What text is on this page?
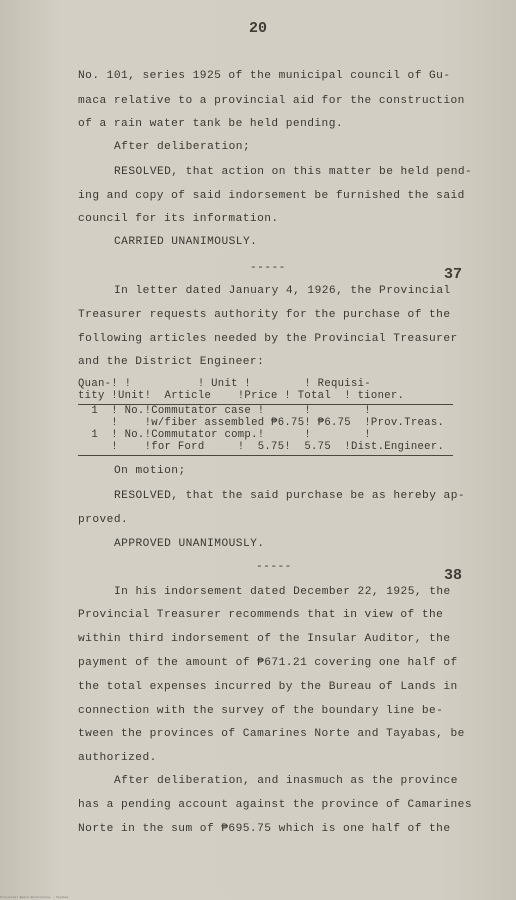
20
No. 101, series 1925 of the municipal council of Gu-
maca relative to a provincial aid for the construction
of a rain water tank be held pending.
After deliberation;
RESOLVED, that action on this matter be held pend-
ing and copy of said indorsement be furnished the said
council for its information.
CARRIED UNANIMOUSLY.
-----	37
In letter dated January 4, 1926, the Provincial
Treasurer requests authority for the purchase of the
following articles needed by the Provincial Treasurer
and the District Engineer:
Quan-! !          ! Unit !        ! Requisi-
tity !Unit!  Article    !Price ! Total  ! tioner.
1  ! No.!Commutator case !      !        !
!    !w/fiber assembled ₱6.75! ₱6.75  !Prov.Treas.
1  ! No.!Commutator comp.!      !        !
!    !for Ford     !  5.75!  5.75  !Dist.Engineer.
On motion;
RESOLVED, that the said purchase be as hereby ap-
proved.
APPROVED UNANIMOUSLY.
-----	38
In his indorsement dated December 22, 1925, the
Provincial Treasurer recommends that in view of the
within third indorsement of the Insular Auditor, the
payment of the amount of ₱671.21 covering one half of
the total expenses incurred by the Bureau of Lands in
connection with the survey of the boundary line be-
tween the provinces of Camarines Norte and Tayabas, be
authorized.
After deliberation, and inasmuch as the province
has a pending account against the province of Camarines
Norte in the sum of ₱695.75 which is one half of the
Provincial Board Resolutions · Tayabas
